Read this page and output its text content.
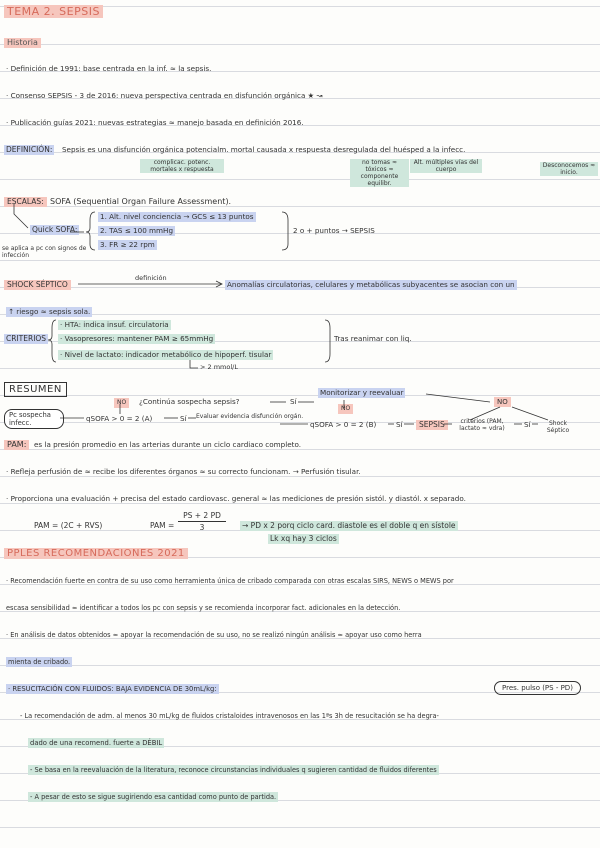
TEMA 2. SEPSIS
Historia
· Definición de 1991: base centrada en la inf. ≈ la sepsis.
· Consenso SEPSIS - 3 de 2016: nueva perspectiva centrada en disfunción orgánica ★ ↝
· Publicación guías 2021: nuevas estrategias ≈ manejo basada en definición 2016.
DEFINICIÓN: Sepsis es una disfunción orgánica potencialm. mortal causada x respuesta desregulada del huésped a la infecc.
complicac. potenc. mortales x respuesta
no tomas ≈ tóxicos ≈ componente equilibr.
Alt. múltiples vías del cuerpo
Desconocemos ≈ inicio.
ESCALAS: SOFA (Sequential Organ Failure Assessment).
Quick SOFA:
se aplica a pc con signos de infección
1. Alt. nivel conciencia → GCS ≤ 13 puntos
2. TAS ≤ 100 mmHg
3. FR ≥ 22 rpm
2 o + puntos → SEPSIS
SHOCK SÉPTICO
definición
Anomalías circulatorias, celulares y metabólicas subyacentes se asocian con un
↑ riesgo ≈ sepsis sola.
CRITERIOS
· HTA: indica insuf. circulatoria
· Vasopresores: mantener PAM ≥ 65mmHg
· Nivel de lactato: indicador metabólico de hipoperf. tisular
> 2 mmol/L
Tras reanimar con liq.
RESUMEN
Pc sospecha infecc.	qSOFA > 0 = 2 (A)	Sí Evaluar evidencia disfunción orgán.
NO	¿Continúa sospecha sepsis?	Sí
Monitorizar y reevaluar
NO
NO
qSOFA > 0 = 2 (B)	Sí	SEPSIS	criterios (PAM, lactato ≈ vdra)	Sí	Shock Séptico
PAM:	es la presión promedio en las arterias durante un ciclo cardiaco completo.
· Refleja perfusión de ≈ recibe los diferentes órganos ≈ su correcto funcionam. → Perfusión tisular.
· Proporciona una evaluación + precisa del estado cardiovasc. general ≈ las mediciones de presión sistól. y diastól. x separado.
PAM = (2C + RVS)	PAM =
PS + 2 PD
3	→ PD x 2 porq ciclo card. diastole es el doble q en sístole
Lk xq hay 3 ciclos
PPLES RECOMENDACIONES 2021
· Recomendación fuerte en contra de su uso como herramienta única de cribado comparada con otras escalas SIRS, NEWS o MEWS por
escasa sensibilidad ≈ identificar a todos los pc con sepsis y se recomienda incorporar fact. adicionales en la detección.
· En análisis de datos obtenidos ≈ apoyar la recomendación de su uso, no se realizó ningún análisis ≈ apoyar uso como herra
mienta de cribado.
· RESUCITACIÓN CON FLUIDOS: BAJA EVIDENCIA DE 30mL/kg:	Pres. pulso (PS - PD)
- La recomendación de adm. al menos 30 mL/kg de fluidos cristaloides intravenosos en las 1ªs 3h de resucitación se ha degra-
dado de una recomend. fuerte a DÉBIL
- Se basa en la reevaluación de la literatura, reconoce circunstancias individuales q sugieren cantidad de fluidos diferentes
- A pesar de esto se sigue sugiriendo esa cantidad como punto de partida.
